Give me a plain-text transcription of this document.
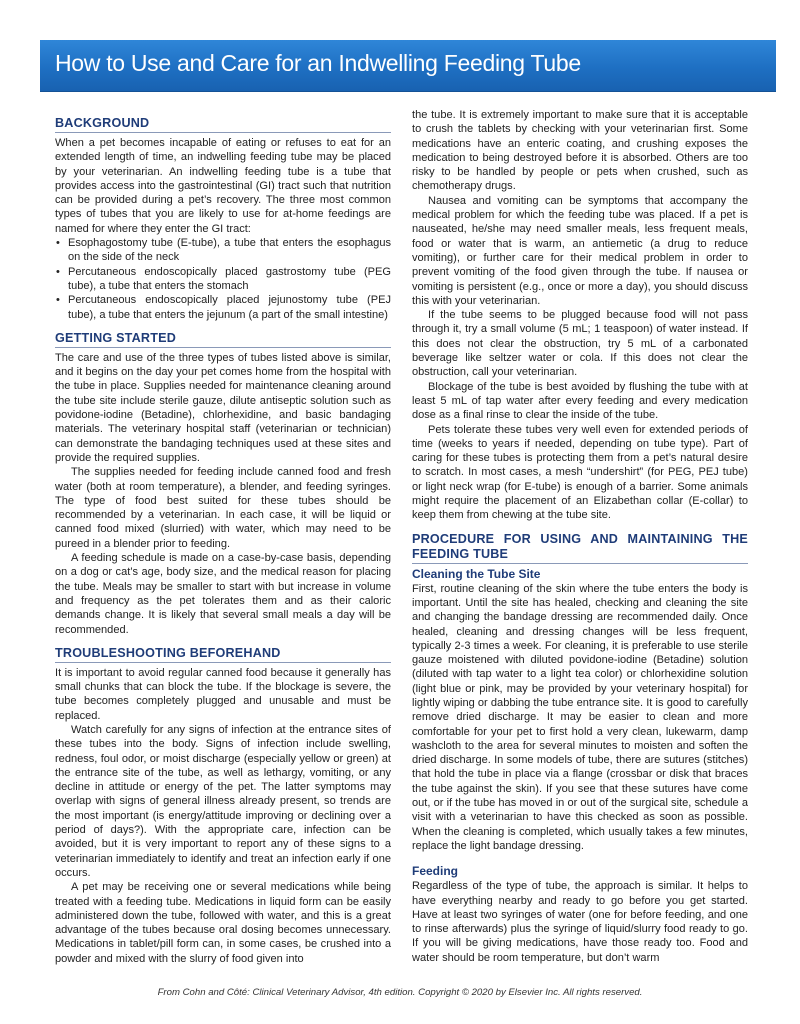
How to Use and Care for an Indwelling Feeding Tube
BACKGROUND

When a pet becomes incapable of eating or refuses to eat for an extended length of time, an indwelling feeding tube may be placed by your veterinarian. An indwelling feeding tube is a tube that provides access into the gastrointestinal (GI) tract such that nutrition can be provided during a pet’s recovery. The three most common types of tubes that you are likely to use for at-home feedings are named for where they enter the GI tract:

• Esophagostomy tube (E-tube), a tube that enters the esophagus on the side of the neck
• Percutaneous endoscopically placed gastrostomy tube (PEG tube), a tube that enters the stomach
• Percutaneous endoscopically placed jejunostomy tube (PEJ tube), a tube that enters the jejunum (a part of the small intestine)
GETTING STARTED

The care and use of the three types of tubes listed above is similar, and it begins on the day your pet comes home from the hospital with the tube in place. Supplies needed for maintenance cleaning around the tube site include sterile gauze, dilute antiseptic solution such as povidone-iodine (Betadine), chlorhexidine, and basic bandaging materials. The veterinary hospital staff (veterinarian or technician) can demonstrate the bandaging techniques used at these sites and provide the required supplies.

The supplies needed for feeding include canned food and fresh water (both at room temperature), a blender, and feeding syringes. The type of food best suited for these tubes should be recommended by a veterinarian. In each case, it will be liquid or canned food mixed (slurried) with water, which may need to be pureed in a blender prior to feeding.

A feeding schedule is made on a case-by-case basis, depending on a dog or cat’s age, body size, and the medical reason for placing the tube. Meals may be smaller to start with but increase in volume and frequency as the pet tolerates them and as their caloric demands change. It is likely that several small meals a day will be recommended.

TROUBLESHOOTING BEFOREHAND

It is important to avoid regular canned food because it generally has small chunks that can block the tube. If the blockage is severe, the tube becomes completely plugged and unusable and must be replaced.

Watch carefully for any signs of infection at the entrance sites of these tubes into the body. Signs of infection include swelling, redness, foul odor, or moist discharge (especially yellow or green) at the entrance site of the tube, as well as lethargy, vomiting, or any decline in attitude or energy of the pet. The latter symptoms may overlap with signs of general illness already present, so trends are the most important (is energy/attitude improving or declining over a period of days?). With the appropriate care, infection can be avoided, but it is very important to report any of these signs to a veterinarian immediately to identify and treat an infection early if one occurs.

A pet may be receiving one or several medications while being treated with a feeding tube. Medications in liquid form can be easily administered down the tube, followed with water, and this is a great advantage of the tubes because oral dosing becomes unnecessary. Medications in tablet/pill form can, in some cases, be crushed into a powder and mixed with the slurry of food given into

the tube. It is extremely important to make sure that it is acceptable to crush the tablets by checking with your veterinarian first. Some medications have an enteric coating, and crushing exposes the medication to being destroyed before it is absorbed. Others are too risky to be handled by people or pets when crushed, such as chemotherapy drugs.

Nausea and vomiting can be symptoms that accompany the medical problem for which the feeding tube was placed. If a pet is nauseated, he/she may need smaller meals, less frequent meals, food or water that is warm, an antiemetic (a drug to reduce vomiting), or further care for their medical problem in order to prevent vomiting of the food given through the tube. If nausea or vomiting is persistent (e.g., once or more a day), you should discuss this with your veterinarian.

If the tube seems to be plugged because food will not pass through it, try a small volume (5 mL; 1 teaspoon) of water instead. If this does not clear the obstruction, try 5 mL of a carbonated beverage like seltzer water or cola. If this does not clear the obstruction, call your veterinarian.

Blockage of the tube is best avoided by flushing the tube with at least 5 mL of tap water after every feeding and every medication dose as a final rinse to clear the inside of the tube.

Pets tolerate these tubes very well even for extended periods of time (weeks to years if needed, depending on tube type). Part of caring for these tubes is protecting them from a pet’s natural desire to scratch. In most cases, a mesh “undershirt” (for PEG, PEJ tube) or light neck wrap (for E-tube) is enough of a barrier. Some animals might require the placement of an Elizabethan collar (E-collar) to keep them from chewing at the tube site.

PROCEDURE FOR USING AND MAINTAINING THE FEEDING TUBE
Cleaning the Tube Site

First, routine cleaning of the skin where the tube enters the body is important. Until the site has healed, checking and cleaning the site and changing the bandage dressing are recommended daily. Once healed, cleaning and dressing changes will be less frequent, typically 2-3 times a week. For cleaning, it is preferable to use sterile gauze moistened with diluted povidone-iodine (Betadine) solution (diluted with tap water to a light tea color) or chlorhexidine solution (light blue or pink, may be provided by your veterinary hospital) for lightly wiping or dabbing the tube entrance site. It is good to carefully remove dried discharge. It may be easier to clean and more comfortable for your pet to first hold a very clean, lukewarm, damp washcloth to the area for several minutes to moisten and soften the dried discharge. In some models of tube, there are sutures (stitches) that hold the tube in place via a flange (crossbar or disk that braces the tube against the skin). If you see that these sutures have come out, or if the tube has moved in or out of the surgical site, schedule a visit with a veterinarian to have this checked as soon as possible. When the cleaning is completed, which usually takes a few minutes, replace the light bandage dressing.

Feeding

Regardless of the type of tube, the approach is similar. It helps to have everything nearby and ready to go before you get started. Have at least two syringes of water (one for before feeding, and one to rinse afterwards) plus the syringe of liquid/slurry food ready to go. If you will be giving medications, have those ready too. Food and water should be room temperature, but don’t warm

From Cohn and Côté: Clinical Veterinary Advisor, 4th edition. Copyright © 2020 by Elsevier Inc. All rights reserved.
